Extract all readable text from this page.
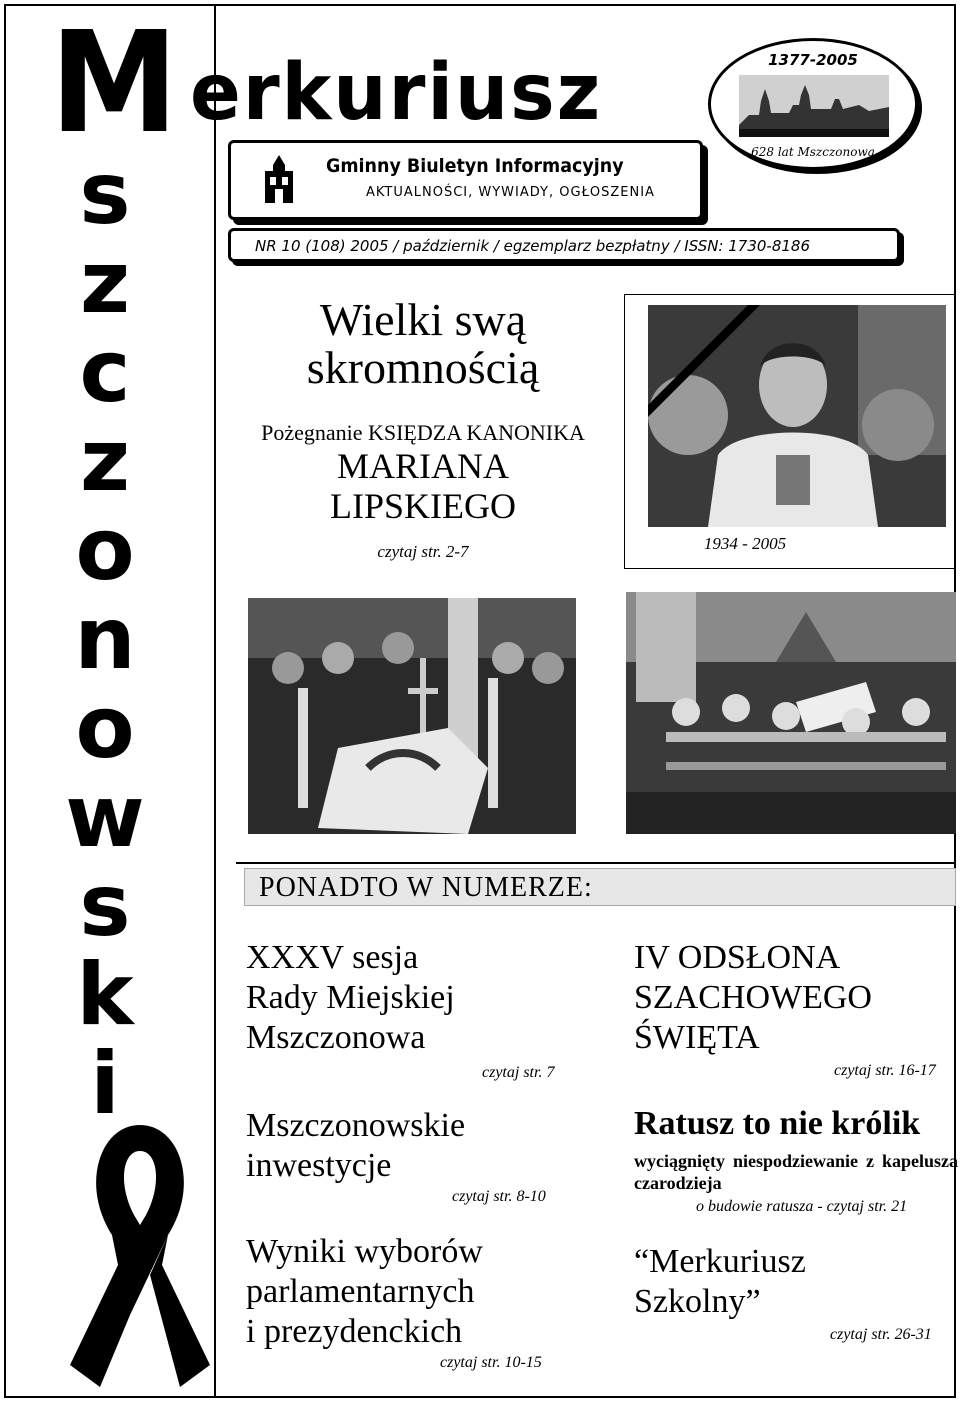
M erkuriusz
s
z
c
z
o
n
o
w
s
k
i
Gminny Biuletyn Informacyjny
AKTUALNOŚCI, WYWIADY, OGŁOSZENIA
1377-2005
628 lat Mszczonowa
NR 10 (108) 2005 / październik / egzemplarz bezpłatny / ISSN: 1730-8186
Wielki swą
skromnością
Pożegnanie KSIĘDZA KANONIKA
MARIANA
LIPSKIEGO
czytaj str. 2-7	1934 - 2005
PONADTO W NUMERZE:
XXXV sesja
Rady Miejskiej
Mszczonowa
czytaj str. 7
Mszczonowskie
inwestycje
czytaj str. 8-10
Wyniki wyborów
parlamentarnych
i prezydenckich
czytaj str. 10-15
IV ODSŁONA
SZACHOWEGO
ŚWIĘTA
czytaj str. 16-17
Ratusz to nie królik
wyciągnięty niespodziewanie z kapelusza czarodzieja
o budowie ratusza - czytaj str. 21
“Merkuriusz
Szkolny”
czytaj str. 26-31
